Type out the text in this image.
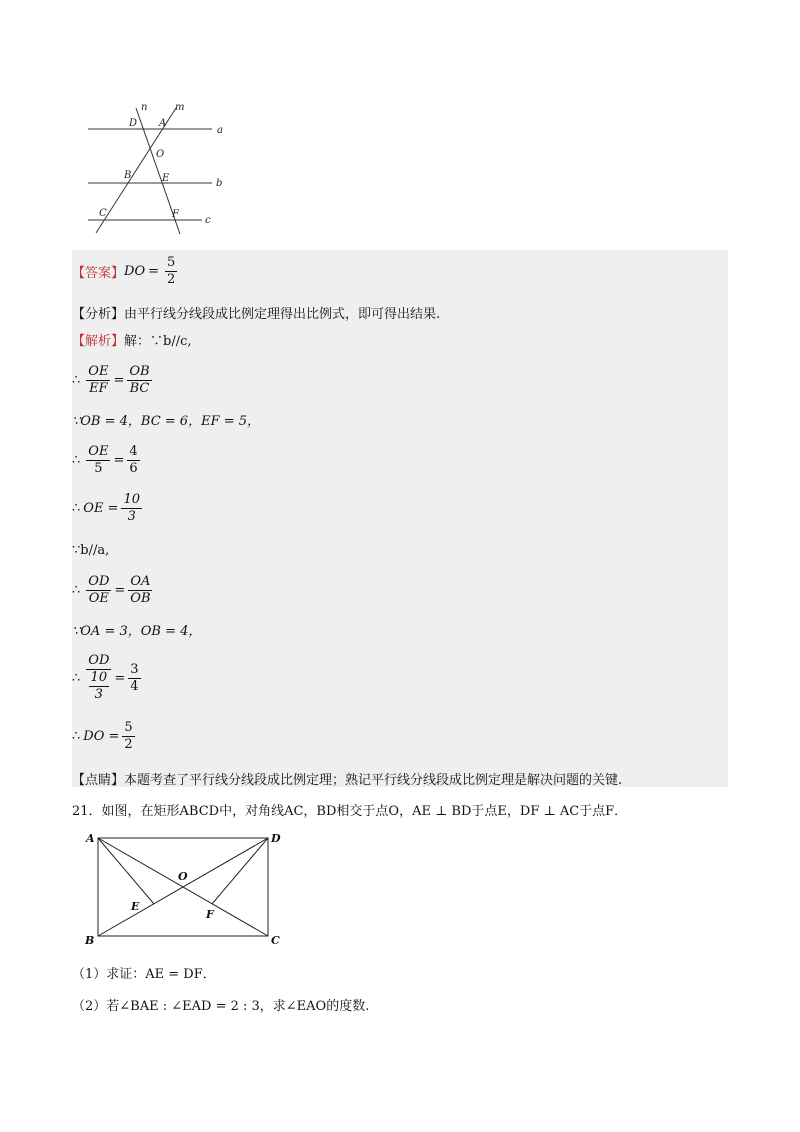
n	m
D A
a
O
B	E	b
C	F
c
【答案】 DO = $\frac{5}{2}$
【分析】 由平行线分线段成比例定理得出比例式，即可得出结果.
【解析】 解：∵b//c,
∴ $\frac{OE}{EF} = \frac{OB}{BC}$
∵OB = 4，BC = 6，EF = 5，
∴ $\frac{OE}{5} = \frac{4}{6}$
∴ OE = $\frac{10}{3}$
∵b//a,
∴ $\frac{OD}{OE} = \frac{OA}{OB}$
∵OA = 3，OB = 4，
∴ OD
10
$3 = \frac{3}{4}$
∴ DO = $\frac{5}{2}$
【点睛】 本题考查了平行线分线段成比例定理；熟记平行线分线段成比例定理是解决问题的关键.
21．如图，在矩形ABCD中，对角线AC，BD相交于点O，AE ⊥ BD于点E，DF ⊥ AC于点F．
A	D
O
E
F
B	C
（1）求证：AE = DF．
（2）若∠BAE : ∠EAD = 2 : 3，求∠EAO的度数.
